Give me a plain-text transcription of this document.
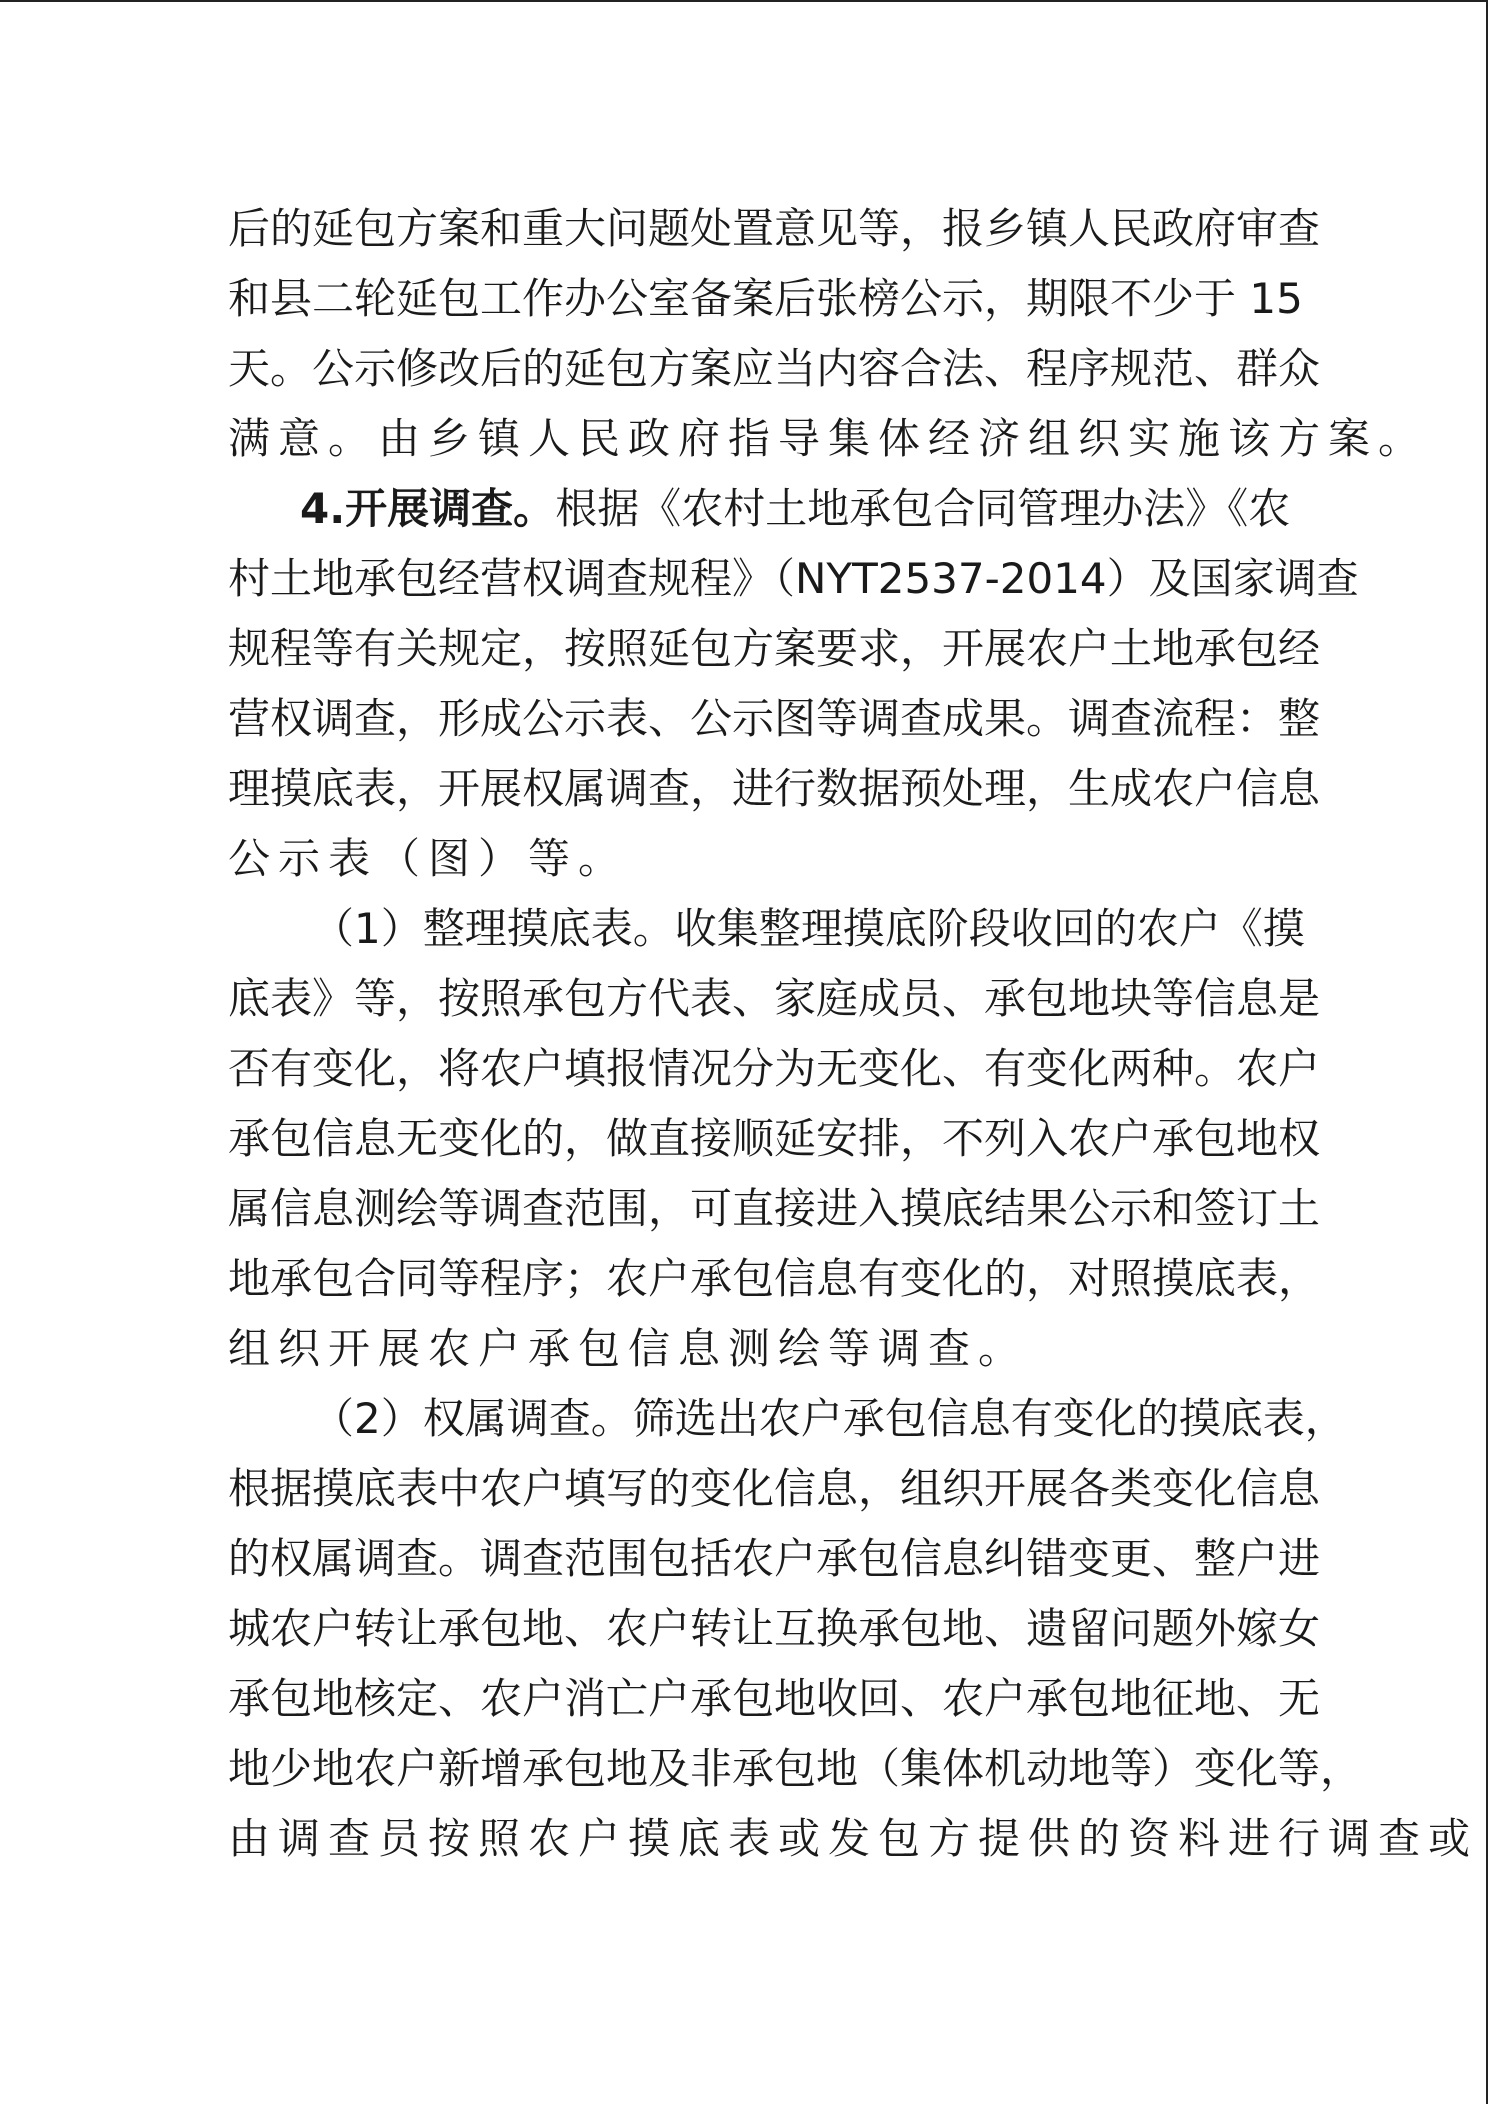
后的延包方案和重大问题处置意见等，报乡镇人民政府审查
和县二轮延包工作办公室备案后张榜公示，期限不少于 15
天。公示修改后的延包方案应当内容合法、程序规范、群众
满意。由乡镇人民政府指导集体经济组织实施该方案。
4.开展调查。 根据《农村土地承包合同管理办法》《农
村土地承包经营权调查规程》（NYT2537-2014）及国家调查
规程等有关规定，按照延包方案要求，开展农户土地承包经
营权调查，形成公示表、公示图等调查成果。调查流程：整
理摸底表，开展权属调查，进行数据预处理，生成农户信息
公示表（图）等。
（1）整理摸底表。收集整理摸底阶段收回的农户《摸
底表》等，按照承包方代表、家庭成员、承包地块等信息是
否有变化，将农户填报情况分为无变化、有变化两种。农户
承包信息无变化的，做直接顺延安排，不列入农户承包地权
属信息测绘等调查范围，可直接进入摸底结果公示和签订土
地承包合同等程序；农户承包信息有变化的，对照摸底表，
组织开展农户承包信息测绘等调查。
（2）权属调查。筛选出农户承包信息有变化的摸底表，
根据摸底表中农户填写的变化信息，组织开展各类变化信息
的权属调查。调查范围包括农户承包信息纠错变更、整户进
城农户转让承包地、农户转让互换承包地、遗留问题外嫁女
承包地核定、农户消亡户承包地收回、农户承包地征地、无
地少地农户新增承包地及非承包地（集体机动地等）变化等，
由调查员按照农户摸底表或发包方提供的资料进行调查或
